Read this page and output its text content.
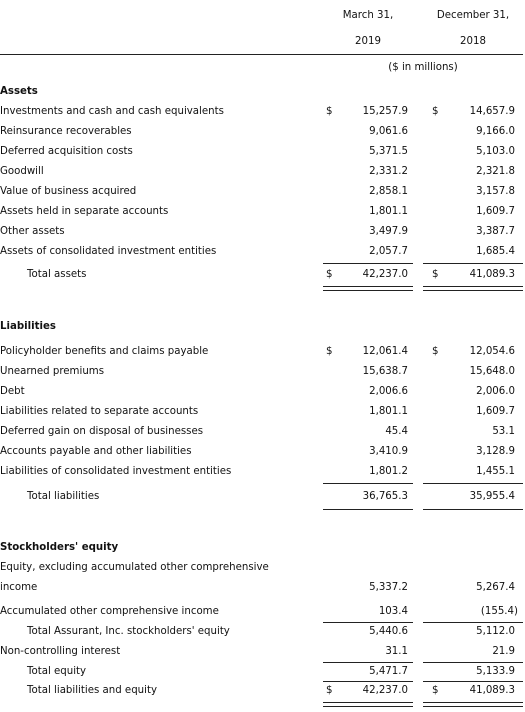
March 31,	December 31,
2019	2018
($ in millions)
Assets
Investments and cash and cash equivalents	$	15,257.9 $	14,657.9
Reinsurance recoverables	9,061.6	9,166.0
Deferred acquisition costs	5,371.5	5,103.0
Goodwill	2,331.2	2,321.8
Value of business acquired	2,858.1	3,157.8
Assets held in separate accounts	1,801.1	1,609.7
Other assets	3,497.9	3,387.7
Assets of consolidated investment entities	2,057.7	1,685.4
Total assets	$	42,237.0 $	41,089.3
Liabilities
Policyholder benefits and claims payable	$	12,061.4 $	12,054.6
Unearned premiums	15,638.7	15,648.0
Debt	2,006.6	2,006.0
Liabilities related to separate accounts	1,801.1	1,609.7
Deferred gain on disposal of businesses	45.4	53.1
Accounts payable and other liabilities	3,410.9	3,128.9
Liabilities of consolidated investment entities	1,801.2	1,455.1
Total liabilities	36,765.3	35,955.4
Stockholders' equity
Equity, excluding accumulated other comprehensive
income	5,337.2	5,267.4
Accumulated other comprehensive income	103.4	(155.4)
Total Assurant, Inc. stockholders' equity	5,440.6	5,112.0
Non-controlling interest	31.1	21.9
Total equity	5,471.7	5,133.9
Total liabilities and equity	$	42,237.0 $	41,089.3
